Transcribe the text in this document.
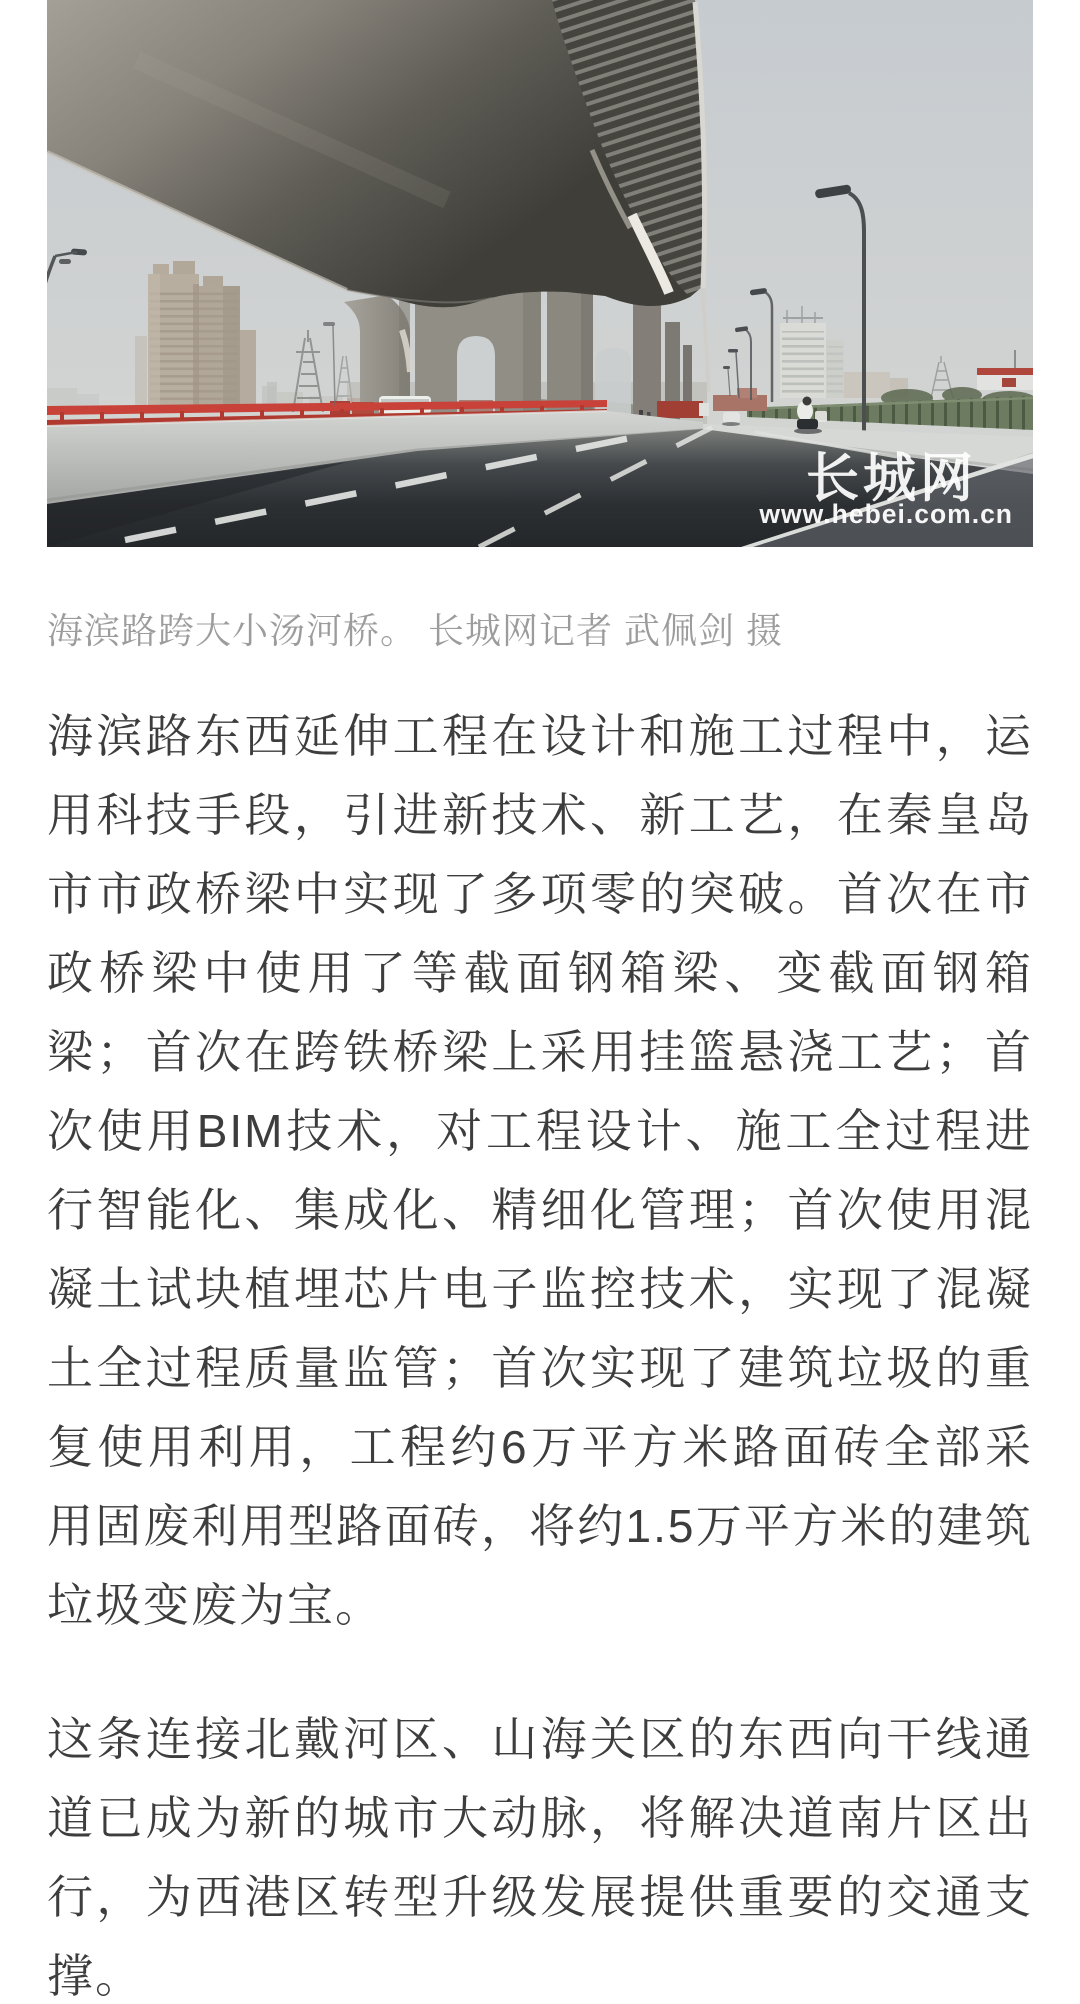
长城网
www.hebei.com.cn

海滨路跨大小汤河桥。 长城网记者 武佩剑 摄

海滨路东西延伸工程在设计和施工过程中，运用科技手段，引进新技术、新工艺，在秦皇岛市市政桥梁中实现了多项零的突破。首次在市政桥梁中使用了等截面钢箱梁、变截面钢箱梁；首次在跨铁桥梁上采用挂篮悬浇工艺；首次使用BIM技术，对工程设计、施工全过程进行智能化、集成化、精细化管理；首次使用混凝土试块植埋芯片电子监控技术，实现了混凝土全过程质量监管；首次实现了建筑垃圾的重复使用利用，工程约6万平方米路面砖全部采用固废利用型路面砖，将约1.5万平方米的建筑垃圾变废为宝。

这条连接北戴河区、山海关区的东西向干线通道已成为新的城市大动脉，将解决道南片区出行，为西港区转型升级发展提供重要的交通支撑。
